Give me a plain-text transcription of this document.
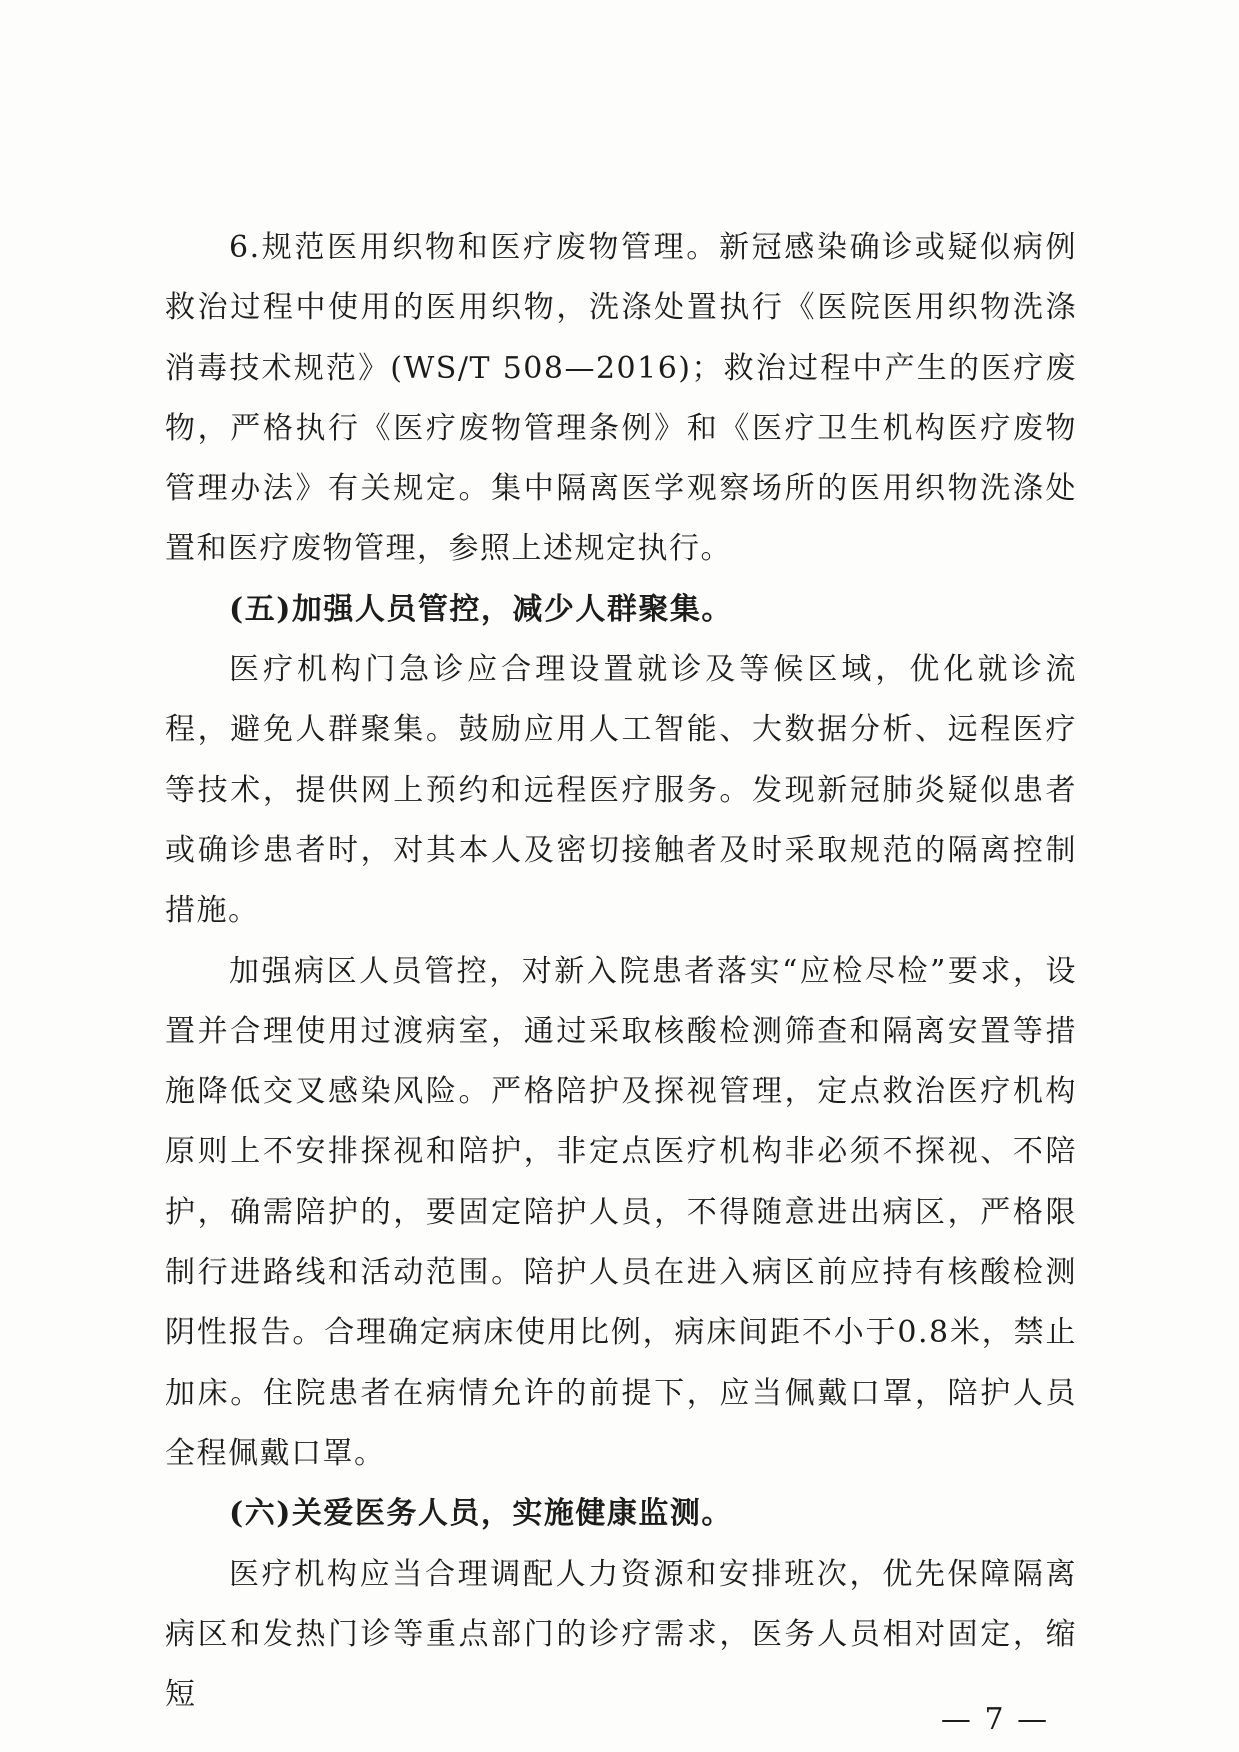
6.规范医用织物和医疗废物管理。新冠感染确诊或疑似病例救治过程中使用的医用织物，洗涤处置执行《医院医用织物洗涤消毒技术规范》(WS/T 508—2016)；救治过程中产生的医疗废物，严格执行《医疗废物管理条例》和《医疗卫生机构医疗废物管理办法》有关规定。集中隔离医学观察场所的医用织物洗涤处置和医疗废物管理，参照上述规定执行。

(五)加强人员管控，减少人群聚集。

医疗机构门急诊应合理设置就诊及等候区域，优化就诊流程，避免人群聚集。鼓励应用人工智能、大数据分析、远程医疗等技术，提供网上预约和远程医疗服务。发现新冠肺炎疑似患者或确诊患者时，对其本人及密切接触者及时采取规范的隔离控制措施。

加强病区人员管控，对新入院患者落实“应检尽检”要求，设置并合理使用过渡病室，通过采取核酸检测筛查和隔离安置等措施降低交叉感染风险。严格陪护及探视管理，定点救治医疗机构原则上不安排探视和陪护，非定点医疗机构非必须不探视、不陪护，确需陪护的，要固定陪护人员，不得随意进出病区，严格限制行进路线和活动范围。陪护人员在进入病区前应持有核酸检测阴性报告。合理确定病床使用比例，病床间距不小于0.8米，禁止加床。住院患者在病情允许的前提下，应当佩戴口罩，陪护人员全程佩戴口罩。

(六)关爱医务人员，实施健康监测。

医疗机构应当合理调配人力资源和安排班次，优先保障隔离病区和发热门诊等重点部门的诊疗需求，医务人员相对固定，缩短

— 7 —
